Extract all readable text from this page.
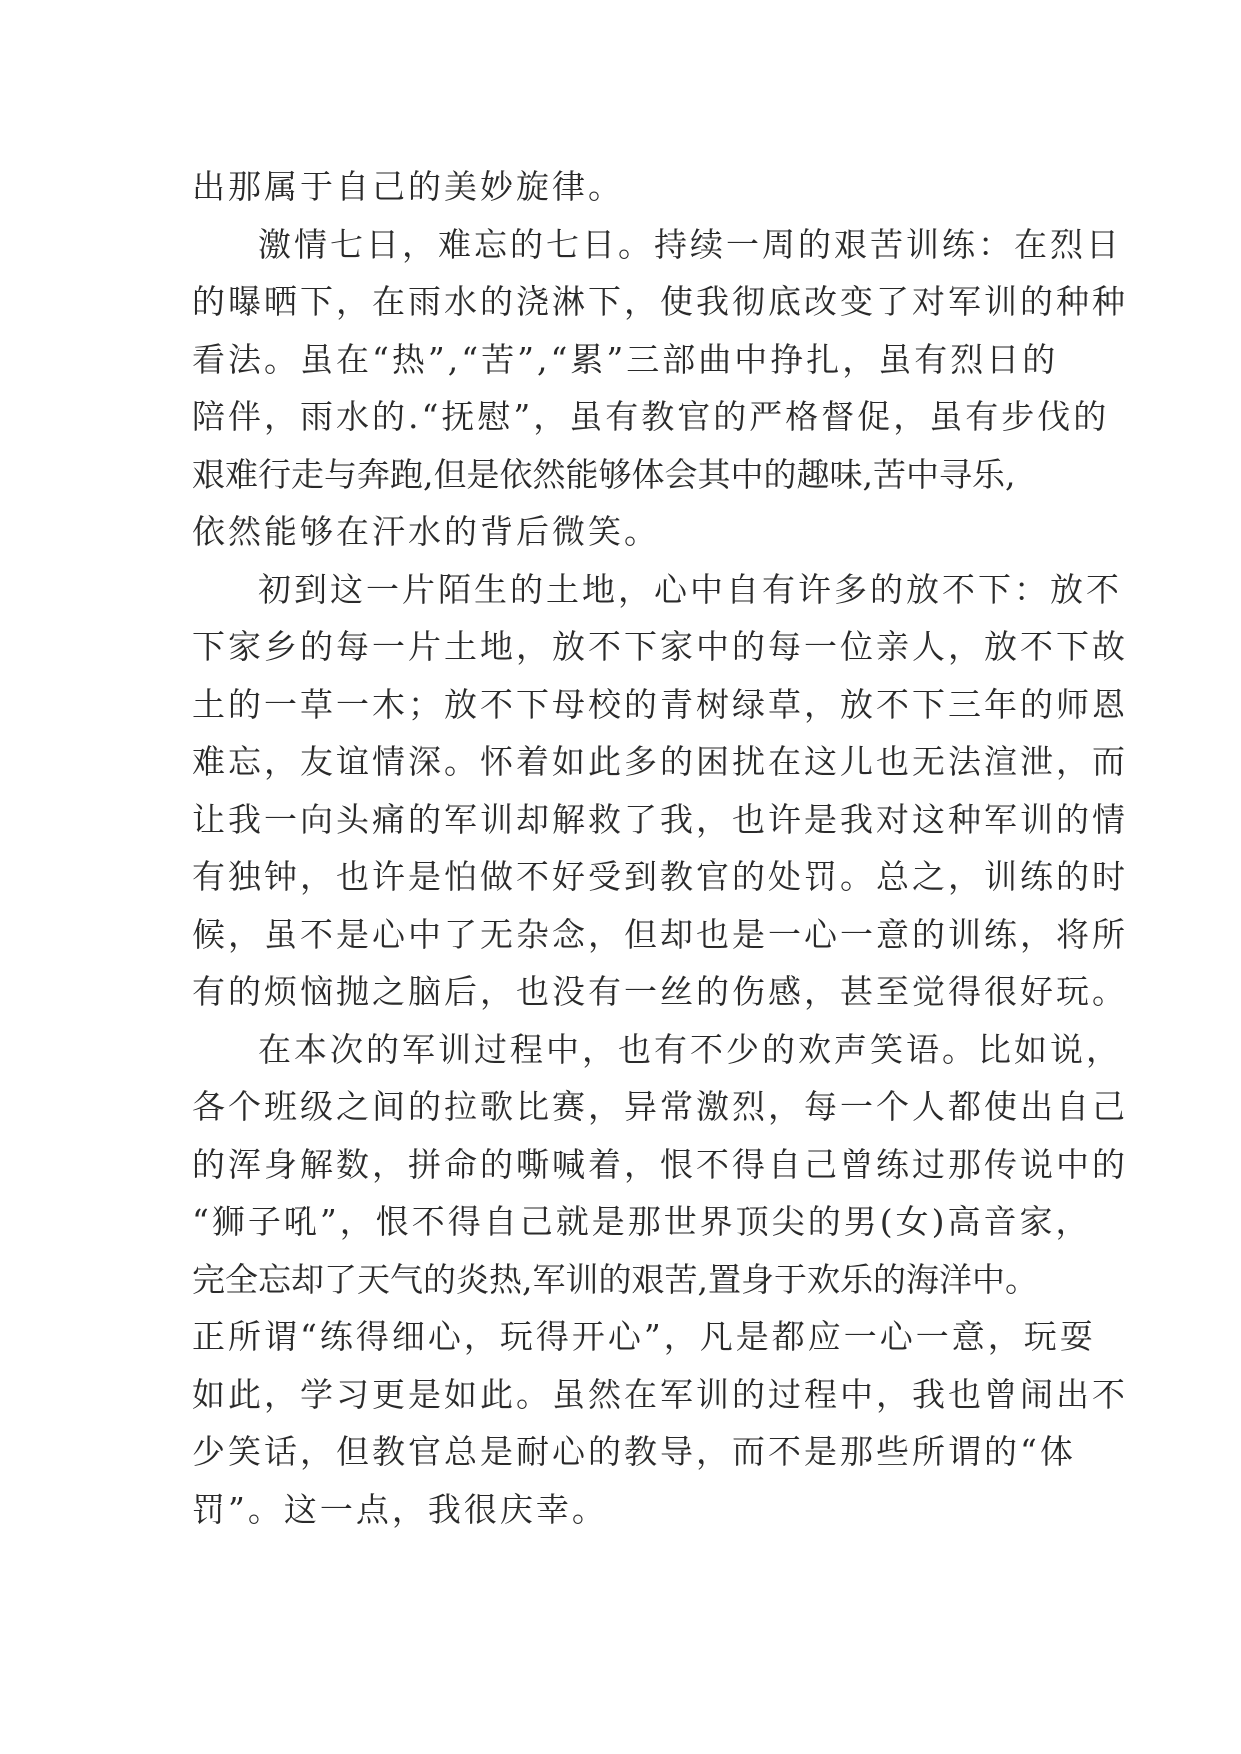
出那属于自己的美妙旋律。
激情七日，难忘的七日。持续一周的艰苦训练：在烈日
的曝晒下，在雨水的浇淋下，使我彻底改变了对军训的种种
看法。虽在“热”,“苦”,“累”三部曲中挣扎，虽有烈日的
陪伴，雨水的.“抚慰”，虽有教官的严格督促，虽有步伐的
艰难行走与奔跑,但是依然能够体会其中的趣味,苦中寻乐,
依然能够在汗水的背后微笑。
初到这一片陌生的土地，心中自有许多的放不下：放不
下家乡的每一片土地，放不下家中的每一位亲人，放不下故
土的一草一木；放不下母校的青树绿草，放不下三年的师恩
难忘，友谊情深。怀着如此多的困扰在这儿也无法渲泄，而
让我一向头痛的军训却解救了我，也许是我对这种军训的情
有独钟，也许是怕做不好受到教官的处罚。总之，训练的时
候，虽不是心中了无杂念，但却也是一心一意的训练，将所
有的烦恼抛之脑后，也没有一丝的伤感，甚至觉得很好玩。
在本次的军训过程中，也有不少的欢声笑语。比如说，
各个班级之间的拉歌比赛，异常激烈，每一个人都使出自己
的浑身解数，拼命的嘶喊着，恨不得自己曾练过那传说中的
“狮子吼”，恨不得自己就是那世界顶尖的男(女)高音家，
完全忘却了天气的炎热,军训的艰苦,置身于欢乐的海洋中。
正所谓“练得细心，玩得开心”，凡是都应一心一意，玩耍
如此，学习更是如此。虽然在军训的过程中，我也曾闹出不
少笑话，但教官总是耐心的教导，而不是那些所谓的“体
罚”。这一点，我很庆幸。
